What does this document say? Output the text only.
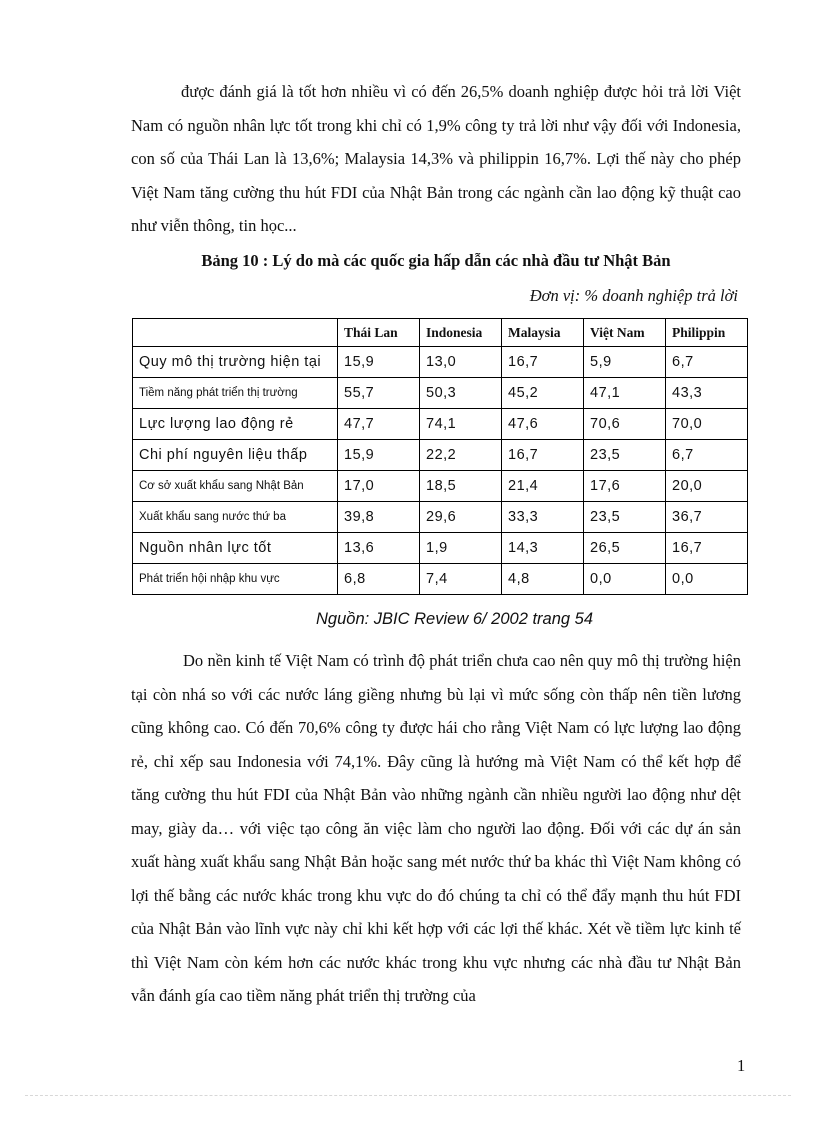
được đánh giá là tốt hơn nhiều vì có đến 26,5% doanh nghiệp được hỏi trả lời Việt Nam có nguồn nhân lực tốt trong khi chỉ có 1,9% công ty trả lời như vậy đối với Indonesia, con số của Thái Lan là 13,6%; Malaysia 14,3% và philippin 16,7%. Lợi thế này cho phép Việt Nam tăng cường thu hút FDI của Nhật Bản trong các ngành cần lao động kỹ thuật cao như viễn thông, tin học...

Bảng 10 : Lý do mà các quốc gia hấp dẫn các nhà đầu tư Nhật Bản
Đơn vị: % doanh nghiệp trả lời
	Thái Lan	Indonesia	Malaysia	Việt Nam	Philippin
Quy mô thị trường hiện tại	15,9	13,0	16,7	5,9	6,7
Tiềm năng phát triển thị trường	55,7	50,3	45,2	47,1	43,3
Lực lượng lao động rẻ	47,7	74,1	47,6	70,6	70,0
Chi phí nguyên liệu thấp	15,9	22,2	16,7	23,5	6,7
Cơ sở xuất khẩu sang Nhật Bản	17,0	18,5	21,4	17,6	20,0
Xuất khẩu sang nước thứ ba	39,8	29,6	33,3	23,5	36,7
Nguồn nhân lực tốt	13,6	1,9	14,3	26,5	16,7
Phát triển hội nhập khu vực	6,8	7,4	4,8	0,0	0,0
Nguồn: JBIC Review 6/ 2002 trang 54

Do nền kinh tế Việt Nam có trình độ phát triển chưa cao nên quy mô thị trường hiện tại còn nhá so với các nước láng giềng nhưng bù lại vì mức sống còn thấp nên tiền lương cũng không cao. Có đến 70,6% công ty được hái cho rằng Việt Nam có lực lượng lao động rẻ, chỉ xếp sau Indonesia với 74,1%. Đây cũng là hướng mà Việt Nam có thể kết hợp để tăng cường thu hút FDI của Nhật Bản vào những ngành cần nhiều người lao động như dệt may, giày da… với việc tạo công ăn việc làm cho người lao động. Đối với các dự án sản xuất hàng xuất khẩu sang Nhật Bản hoặc sang mét nước thứ ba khác thì Việt Nam không có lợi thế bằng các nước khác trong khu vực do đó chúng ta chỉ có thể đẩy mạnh thu hút FDI của Nhật Bản vào lĩnh vực này chỉ khi kết hợp với các lợi thế khác. Xét về tiềm lực kinh tế thì Việt Nam còn kém hơn các nước khác trong khu vực nhưng các nhà đầu tư Nhật Bản vẫn đánh gía cao tiềm năng phát triển thị trường của

1
